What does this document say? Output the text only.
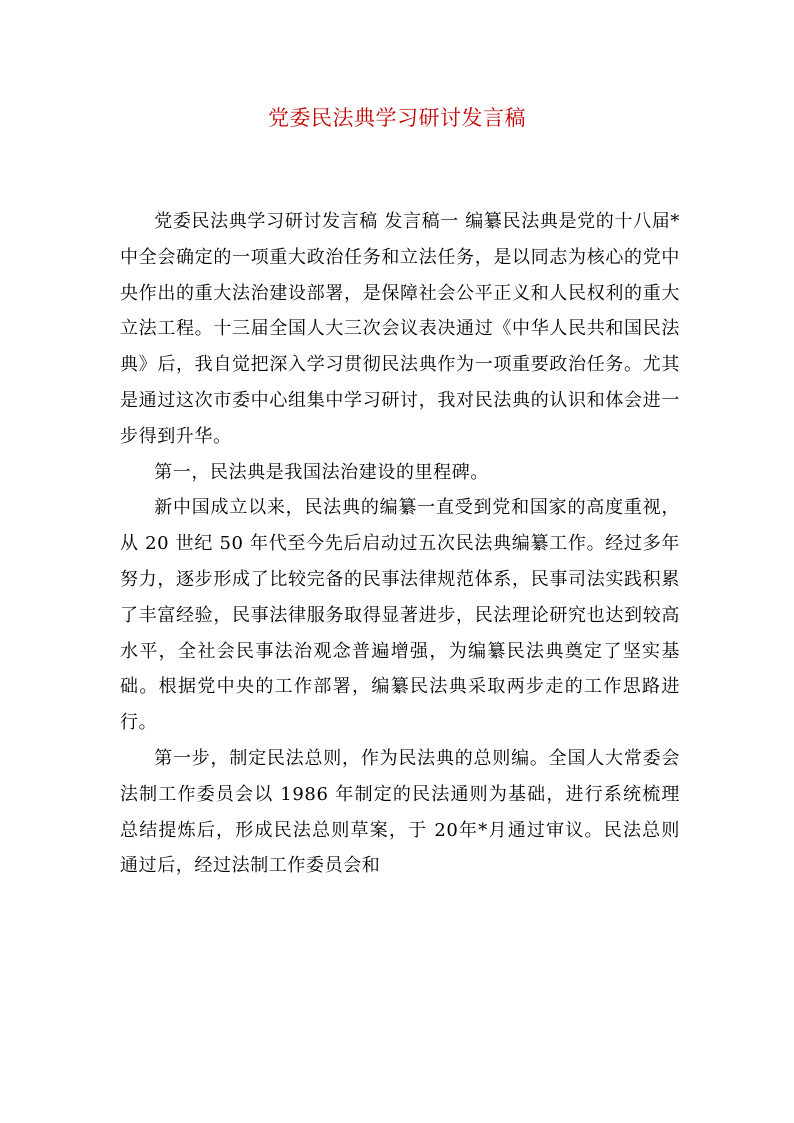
党委民法典学习研讨发言稿

党委民法典学习研讨发言稿 发言稿一 编纂民法典是党的十八届*中全会确定的一项重大政治任务和立法任务，是以同志为核心的党中央作出的重大法治建设部署，是保障社会公平正义和人民权利的重大立法工程。十三届全国人大三次会议表决通过《中华人民共和国民法典》后，我自觉把深入学习贯彻民法典作为一项重要政治任务。尤其是通过这次市委中心组集中学习研讨，我对民法典的认识和体会进一步得到升华。

第一，民法典是我国法治建设的里程碑。

新中国成立以来，民法典的编纂一直受到党和国家的高度重视，从 20 世纪 50 年代至今先后启动过五次民法典编纂工作。经过多年努力，逐步形成了比较完备的民事法律规范体系，民事司法实践积累了丰富经验，民事法律服务取得显著进步，民法理论研究也达到较高水平，全社会民事法治观念普遍增强，为编纂民法典奠定了坚实基础。根据党中央的工作部署，编纂民法典采取两步走的工作思路进行。

第一步，制定民法总则，作为民法典的总则编。全国人大常委会法制工作委员会以 1986 年制定的民法通则为基础，进行系统梳理总结提炼后，形成民法总则草案，于 20年*月通过审议。民法总则通过后，经过法制工作委员会和
